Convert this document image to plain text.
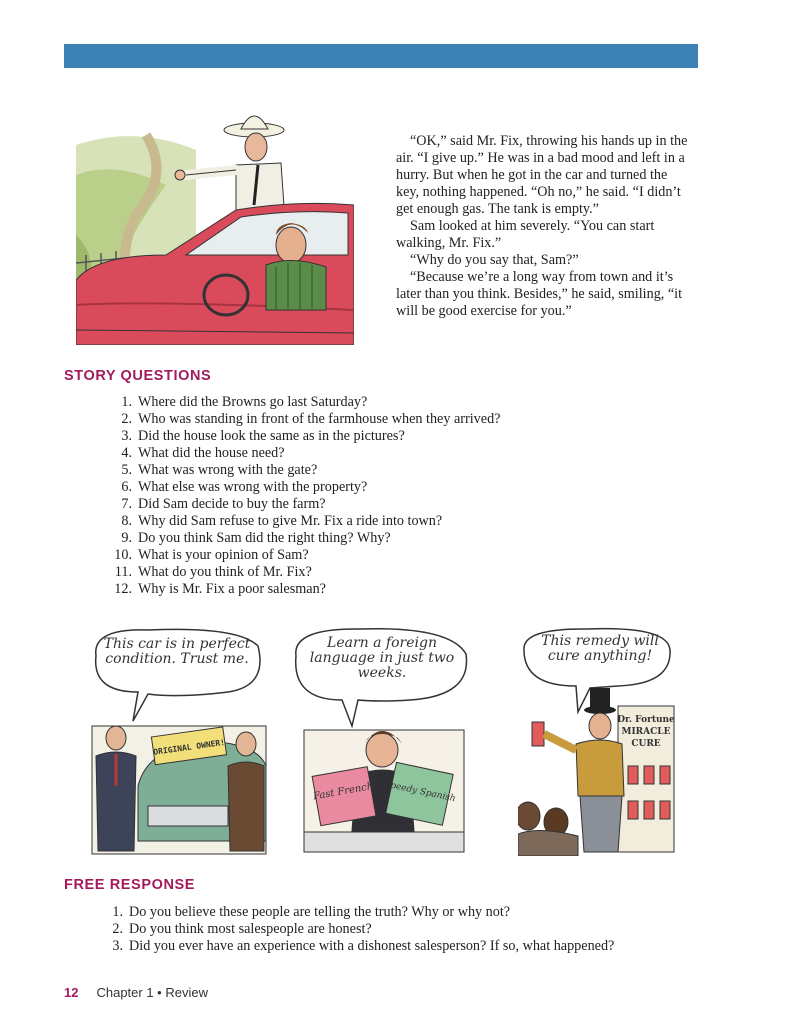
“OK,” said Mr. Fix, throwing his hands up in the air. “I give up.” He was in a bad mood and left in a hurry. But when he got in the car and turned the key, nothing happened. “Oh no,” he said. “I didn’t get enough gas. The tank is empty.”

Sam looked at him severely. “You can start walking, Mr. Fix.”

“Why do you say that, Sam?”

“Because we’re a long way from town and it’s later than you think. Besides,” he said, smiling, “it will be good exercise for you.”

STORY QUESTIONS
1. Where did the Browns go last Saturday?
2. Who was standing in front of the farmhouse when they arrived?
3. Did the house look the same as in the pictures?
4. What did the house need?
5. What was wrong with the gate?
6. What else was wrong with the property?
7. Did Sam decide to buy the farm?
8. Why did Sam refuse to give Mr. Fix a ride into town?
9. Do you think Sam did the right thing? Why?
10. What is your opinion of Sam?
11. What do you think of Mr. Fix?
12. Why is Mr. Fix a poor salesman?
ORIGINAL OWNER!
This car is in perfect condition. Trust me.
Fast French Speedy Spanish
Learn a foreign language in just two weeks.
Dr. Fortune MIRACLE CURE
This remedy will cure anything!
FREE RESPONSE
1. Do you believe these people are telling the truth? Why or why not?
2. Do you think most salespeople are honest?
3. Did you ever have an experience with a dishonest salesperson? If so, what happened?
12 Chapter 1 • Review
